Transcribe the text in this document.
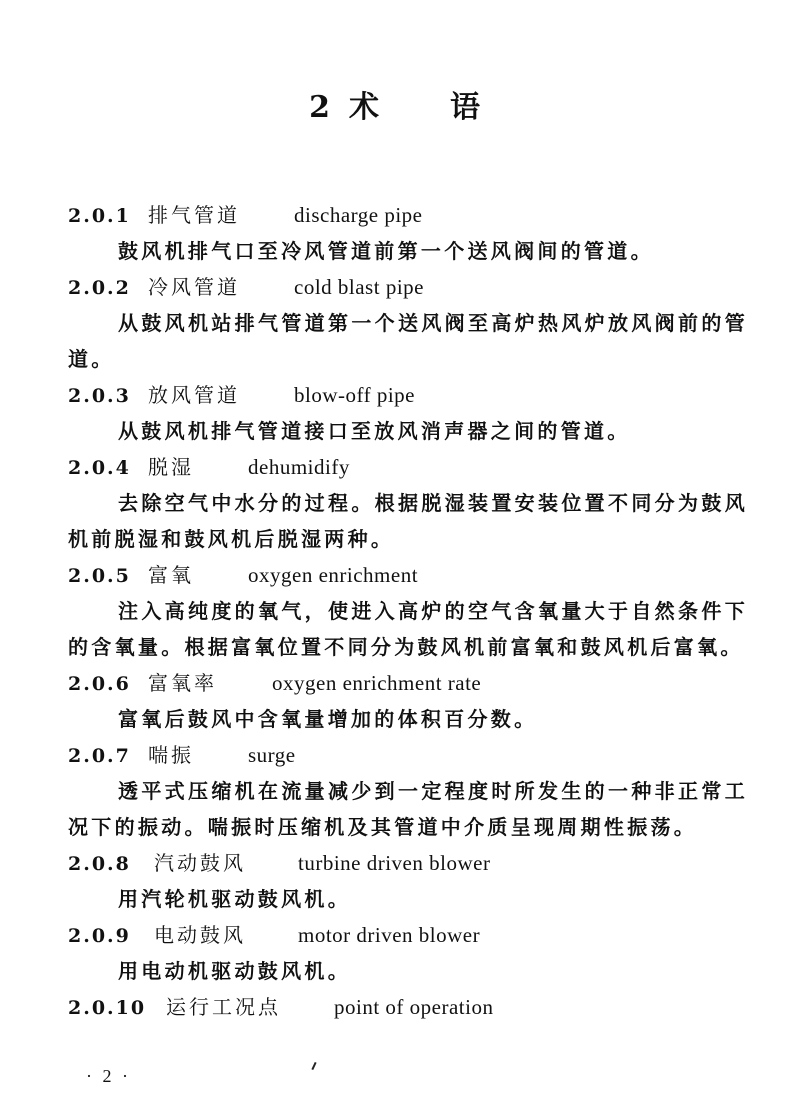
2 术 语
2.0.1 排气管道	discharge pipe

鼓风机排气口至冷风管道前第一个送风阀间的管道。

2.0.2 冷风管道	cold blast pipe

从鼓风机站排气管道第一个送风阀至高炉热风炉放风阀前的管道。

2.0.3 放风管道	blow-off pipe

从鼓风机排气管道接口至放风消声器之间的管道。

2.0.4 脱湿	dehumidify

去除空气中水分的过程。根据脱湿装置安装位置不同分为鼓风机前脱湿和鼓风机后脱湿两种。

2.0.5 富氧	oxygen enrichment

注入高纯度的氧气，使进入高炉的空气含氧量大于自然条件下的含氧量。根据富氧位置不同分为鼓风机前富氧和鼓风机后富氧。

2.0.6 富氧率	oxygen enrichment rate

富氧后鼓风中含氧量增加的体积百分数。

2.0.7 喘振	surge

透平式压缩机在流量减少到一定程度时所发生的一种非正常工况下的振动。喘振时压缩机及其管道中介质呈现周期性振荡。

2.0.8 汽动鼓风 turbine driven blower

用汽轮机驱动鼓风机。

2.0.9 电动鼓风 motor driven blower

用电动机驱动鼓风机。

2.0.10 运行工况点	point of operation
· 2 ·
